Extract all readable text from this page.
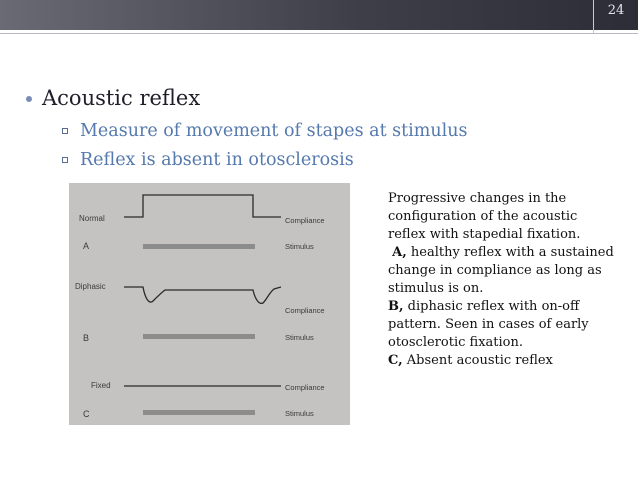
24
Acoustic reflex
Measure of movement of stapes at stimulus
Reflex is absent in otosclerosis
Normal	Compliance
A	Stimulus
Diphasic
Compliance
B	Stimulus
Fixed	Compliance
C	Stimulus

Progressive changes in the configuration of the acoustic reflex with stapedial fixation.

A, healthy reflex with a sustained change in compliance as long as stimulus is on.

B, diphasic reflex with on-off pattern. Seen in cases of early otosclerotic fixation.

C, Absent acoustic reflex
